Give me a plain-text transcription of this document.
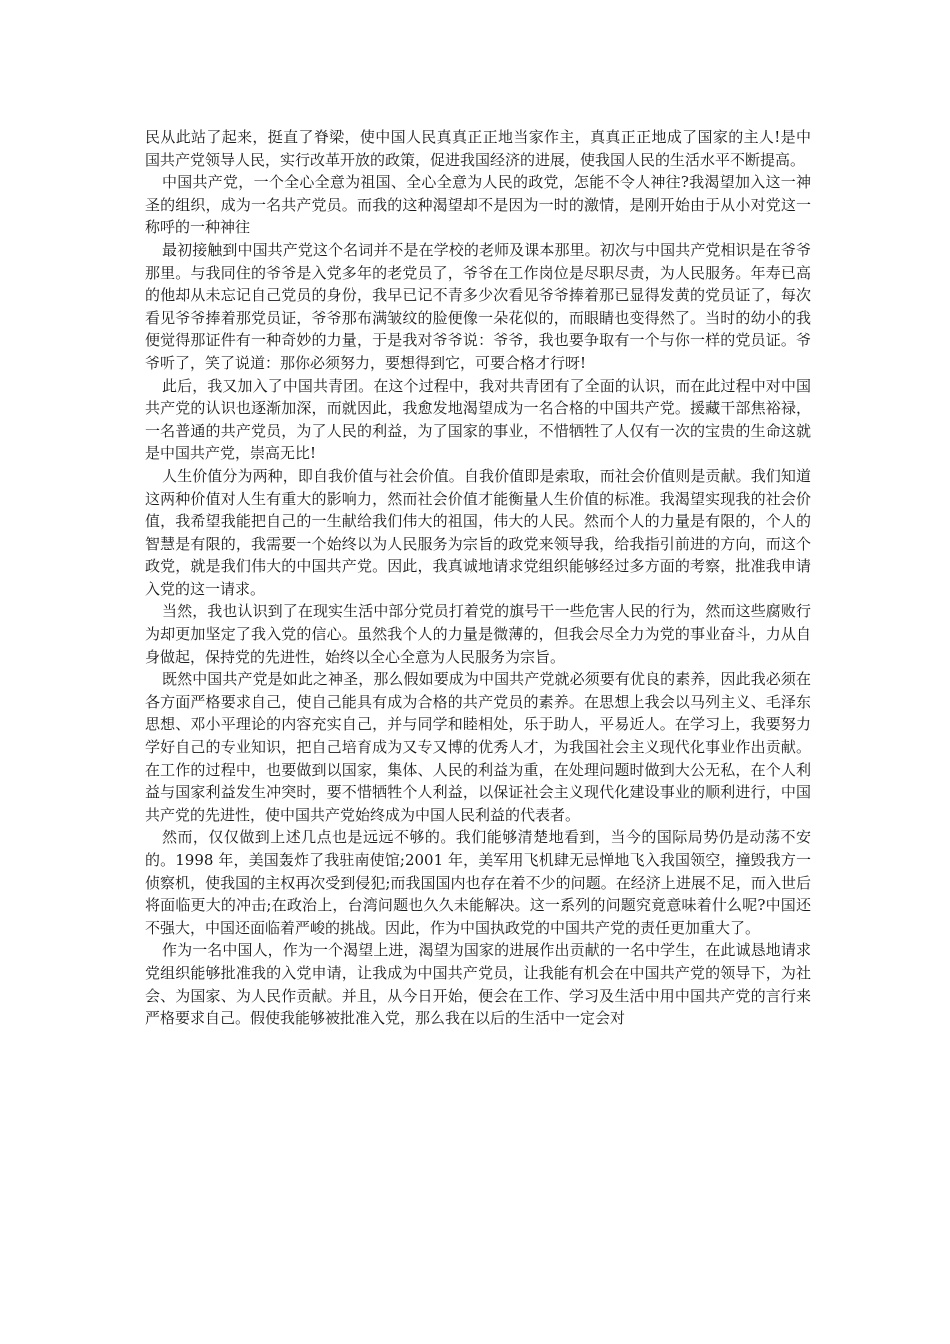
民从此站了起来，挺直了脊梁，使中国人民真真正正地当家作主，真真正正地成了国家的主人!是中国共产党领导人民，实行改革开放的政策，促进我国经济的进展，使我国人民的生活水平不断提高。

中国共产党，一个全心全意为祖国、全心全意为人民的政党，怎能不令人神往?我渴望加入这一神圣的组织，成为一名共产党员。而我的这种渴望却不是因为一时的激情，是刚开始由于从小对党这一称呼的一种神往

最初接触到中国共产党这个名词并不是在学校的老师及课本那里。初次与中国共产党相识是在爷爷那里。与我同住的爷爷是入党多年的老党员了，爷爷在工作岗位是尽职尽责，为人民服务。年寿已高的他却从未忘记自己党员的身份，我早已记不青多少次看见爷爷捧着那已显得发黄的党员证了，每次看见爷爷捧着那党员证，爷爷那布满皱纹的脸便像一朵花似的，而眼睛也变得然了。当时的幼小的我便觉得那证件有一种奇妙的力量，于是我对爷爷说：爷爷，我也要争取有一个与你一样的党员证。爷爷听了，笑了说道：那你必须努力，要想得到它，可要合格才行呀!

此后，我又加入了中国共青团。在这个过程中，我对共青团有了全面的认识，而在此过程中对中国共产党的认识也逐渐加深，而就因此，我愈发地渴望成为一名合格的中国共产党。援藏干部焦裕禄，一名普通的共产党员，为了人民的利益，为了国家的事业，不惜牺牲了人仅有一次的宝贵的生命这就是中国共产党，崇高无比!

人生价值分为两种，即自我价值与社会价值。自我价值即是索取，而社会价值则是贡献。我们知道这两种价值对人生有重大的影响力，然而社会价值才能衡量人生价值的标准。我渴望实现我的社会价值，我希望我能把自己的一生献给我们伟大的祖国，伟大的人民。然而个人的力量是有限的，个人的智慧是有限的，我需要一个始终以为人民服务为宗旨的政党来领导我，给我指引前进的方向，而这个政党，就是我们伟大的中国共产党。因此，我真诚地请求党组织能够经过多方面的考察，批准我申请入党的这一请求。

当然，我也认识到了在现实生活中部分党员打着党的旗号干一些危害人民的行为，然而这些腐败行为却更加坚定了我入党的信心。虽然我个人的力量是微薄的，但我会尽全力为党的事业奋斗，力从自身做起，保持党的先进性，始终以全心全意为人民服务为宗旨。

既然中国共产党是如此之神圣，那么假如要成为中国共产党就必须要有优良的素养，因此我必须在各方面严格要求自己，使自己能具有成为合格的共产党员的素养。在思想上我会以马列主义、毛泽东思想、邓小平理论的内容充实自己，并与同学和睦相处，乐于助人，平易近人。在学习上，我要努力学好自己的专业知识，把自己培育成为又专又博的优秀人才，为我国社会主义现代化事业作出贡献。在工作的过程中，也要做到以国家，集体、人民的利益为重，在处理问题时做到大公无私，在个人利益与国家利益发生冲突时，要不惜牺牲个人利益，以保证社会主义现代化建设事业的顺利进行，中国共产党的先进性，使中国共产党始终成为中国人民利益的代表者。

然而，仅仅做到上述几点也是远远不够的。我们能够清楚地看到，当今的国际局势仍是动荡不安的。1998 年，美国轰炸了我驻南使馆;2001 年，美军用飞机肆无忌惮地飞入我国领空，撞毁我方一侦察机，使我国的主权再次受到侵犯;而我国国内也存在着不少的问题。在经济上进展不足，而入世后将面临更大的冲击;在政治上，台湾问题也久久未能解决。这一系列的问题究竟意味着什么呢?中国还不强大，中国还面临着严峻的挑战。因此，作为中国执政党的中国共产党的责任更加重大了。

作为一名中国人，作为一个渴望上进，渴望为国家的进展作出贡献的一名中学生，在此诚恳地请求党组织能够批准我的入党申请，让我成为中国共产党员，让我能有机会在中国共产党的领导下，为社会、为国家、为人民作贡献。并且，从今日开始，便会在工作、学习及生活中用中国共产党的言行来严格要求自己。假使我能够被批准入党，那么我在以后的生活中一定会对
